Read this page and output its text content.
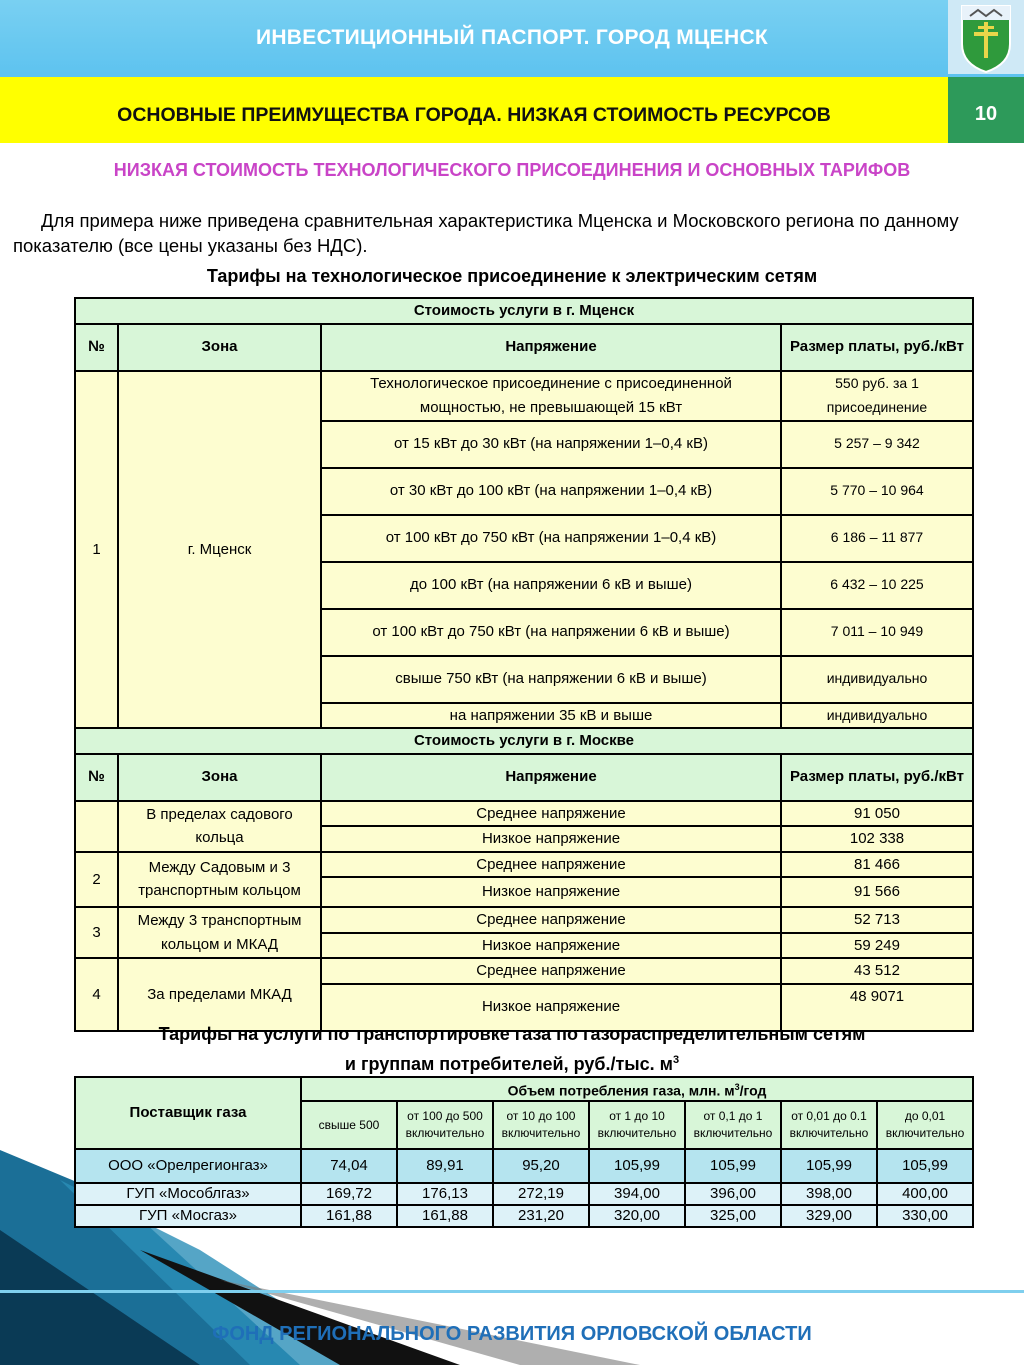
ИНВЕСТИЦИОННЫЙ ПАСПОРТ. ГОРОД МЦЕНСК
ОСНОВНЫЕ ПРЕИМУЩЕСТВА ГОРОДА. НИЗКАЯ СТОИМОСТЬ РЕСУРСОВ	10
НИЗКАЯ СТОИМОСТЬ ТЕХНОЛОГИЧЕСКОГО ПРИСОЕДИНЕНИЯ И ОСНОВНЫХ ТАРИФОВ
Для примера ниже приведена сравнительная характеристика Мценска и Московского региона по данному показателю (все цены указаны без НДС).
Тарифы на технологическое присоединение к электрическим сетям
Стоимость услуги в г. Мценск			
№	Зона	Напряжение	Размер платы, руб./кВт
1	г. Мценск	Технологическое присоединение с присоединенной мощностью, не превышающей 15 кВт	550 руб. за 1 присоединение
		от 15 кВт до 30 кВт (на напряжении 1–0,4 кВ)	5 257 – 9 342
		от 30 кВт до 100 кВт (на напряжении 1–0,4 кВ)	5 770 – 10 964
		от 100 кВт до 750 кВт (на напряжении 1–0,4 кВ)	6 186 – 11 877
		до 100 кВт (на напряжении 6 кВ и выше)	6 432 – 10 225
		от 100 кВт до 750 кВт (на напряжении 6 кВ и выше)	7 011 – 10 949
		свыше 750 кВт (на напряжении 6 кВ и выше)	индивидуально
		на напряжении 35 кВ и выше	индивидуально
Стоимость услуги в г. Москве			
№	Зона	Напряжение	Размер платы, руб./кВт
	В пределах садового кольца	Среднее напряжение	91 050
		Низкое напряжение	102 338
2	Между Садовым и 3 транспортным кольцом	Среднее напряжение	81 466
		Низкое напряжение	91 566
3	Между 3 транспортным кольцом и МКАД	Среднее напряжение	52 713
		Низкое напряжение	59 249
4	За пределами МКАД	Среднее напряжение	43 512
		Низкое напряжение	48 9071
Тарифы на услуги по транспортировке газа по газораспределительным сетям
и группам потребителей, руб./тыс. $м^3$
Поставщик газа	Объем потребления газа, млн. $м^3$/год						
	свыше 500	от 100 до 500 включительно	от 10 до 100 включительно	от 1 до 10 включительно	от 0,1 до 1 включительно	от 0,01 до 0.1 включительно	до 0,01 включительно
ООО «Орелрегионгаз»	74,04	89,91	95,20	105,99	105,99	105,99	105,99
ГУП «Мособлгаз»	169,72	176,13	272,19	394,00	396,00	398,00	400,00
ГУП «Мосгаз»	161,88	161,88	231,20	320,00	325,00	329,00	330,00
ФОНД РЕГИОНАЛЬНОГО РАЗВИТИЯ ОРЛОВСКОЙ ОБЛАСТИ
